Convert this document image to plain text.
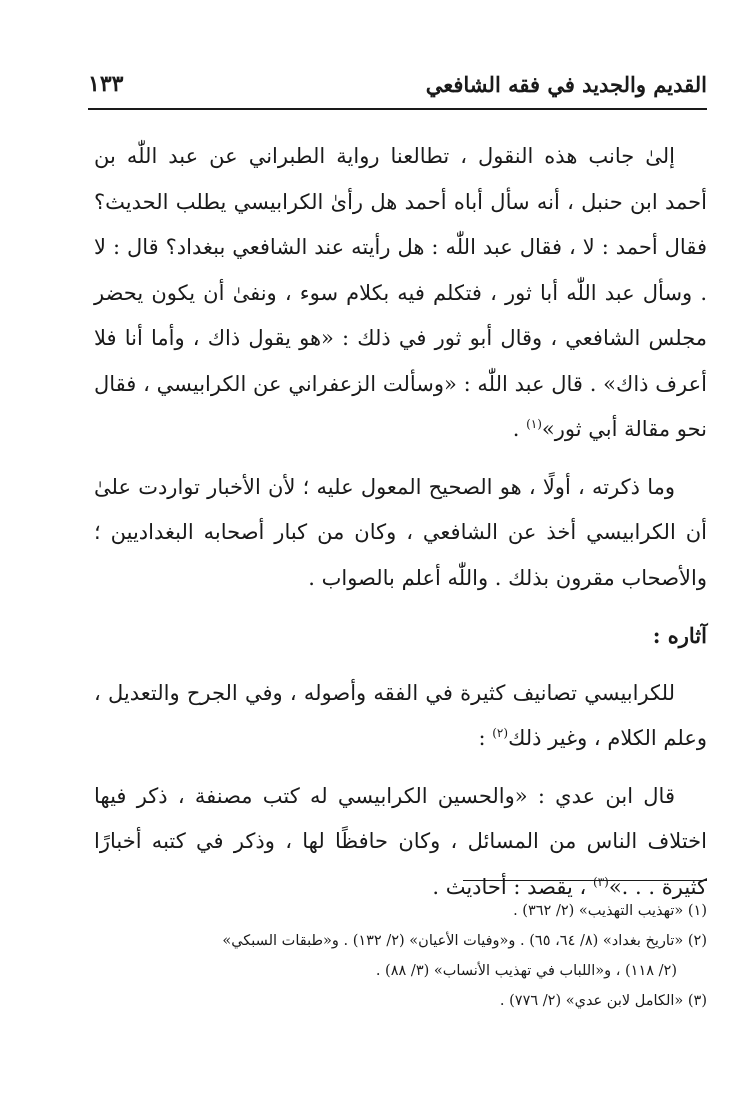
القديم والجديد في فقه الشافعي
١٣٣

إلىٰ جانب هذه النقول ، تطالعنا رواية الطبراني عن عبد اللّٰه بن أحمد ابن حنبل ، أنه سأل أباه أحمد هل رأىٰ الكرابيسي يطلب الحديث؟ فقال أحمد : لا ، فقال عبد اللّٰه : هل رأيته عند الشافعي ببغداد؟ قال : لا . وسأل عبد اللّٰه أبا ثور ، فتكلم فيه بكلام سوء ، ونفىٰ أن يكون يحضر مجلس الشافعي ، وقال أبو ثور في ذلك : «هو يقول ذاك ، وأما أنا فلا أعرف ذاك» . قال عبد اللّٰه : «وسألت الزعفراني عن الكرابيسي ، فقال نحو مقالة أبي ثور»$^{(١)}$ .

وما ذكرته ، أولًا ، هو الصحيح المعول عليه ؛ لأن الأخبار تواردت علىٰ أن الكرابيسي أخذ عن الشافعي ، وكان من كبار أصحابه البغداديين ؛ والأصحاب مقرون بذلك . واللّٰه أعلم بالصواب .

آثاره :

للكرابيسي تصانيف كثيرة في الفقه وأصوله ، وفي الجرح والتعديل ، وعلم الكلام ، وغير ذلك$^{(٢)}$ :

قال ابن عدي : «والحسين الكرابيسي له كتب مصنفة ، ذكر فيها اختلاف الناس من المسائل ، وكان حافظًا لها ، وذكر في كتبه أخبارًا كثيرة . . .»$^{(٣)}$ ، يقصد : أحاديث .

(١) «تهذيب التهذيب» (٢/ ٣٦٢) .

(٢) «تاريخ بغداد» (٨/ ٦٤، ٦٥) . و«وفيات الأعيان» (٢/ ١٣٢) . و«طبقات السبكي»

(٢/ ١١٨) ، و«اللباب في تهذيب الأنساب» (٣/ ٨٨) .

(٣) «الكامل لابن عدي» (٢/ ٧٧٦) .
